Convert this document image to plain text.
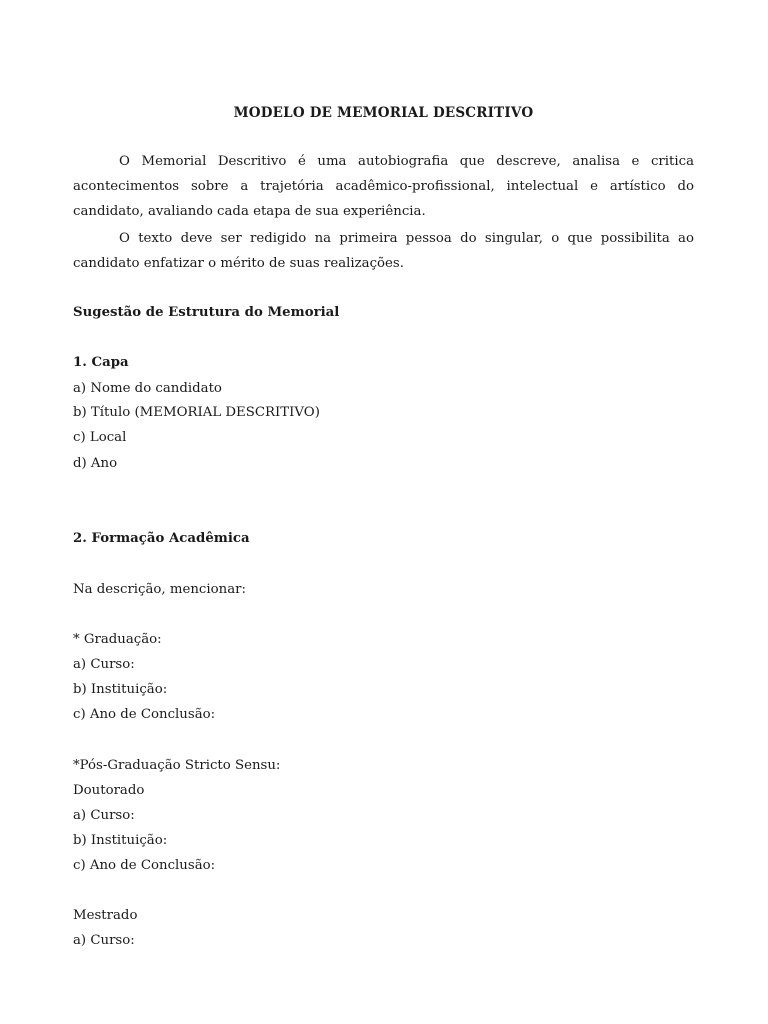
MODELO DE MEMORIAL DESCRITIVO
O Memorial Descritivo é uma autobiografia que descreve, analisa e critica acontecimentos sobre a trajetória acadêmico-profissional, intelectual e artístico do candidato, avaliando cada etapa de sua experiência.
O texto deve ser redigido na primeira pessoa do singular, o que possibilita ao candidato enfatizar o mérito de suas realizações.
Sugestão de Estrutura do Memorial
1. Capa
a) Nome do candidato
b) Título (MEMORIAL DESCRITIVO)
c) Local
d) Ano
2. Formação Acadêmica
Na descrição, mencionar:
* Graduação:
a) Curso:
b) Instituição:
c) Ano de Conclusão:
*Pós-Graduação Stricto Sensu:
Doutorado
a) Curso:
b) Instituição:
c) Ano de Conclusão:
Mestrado
a) Curso:
